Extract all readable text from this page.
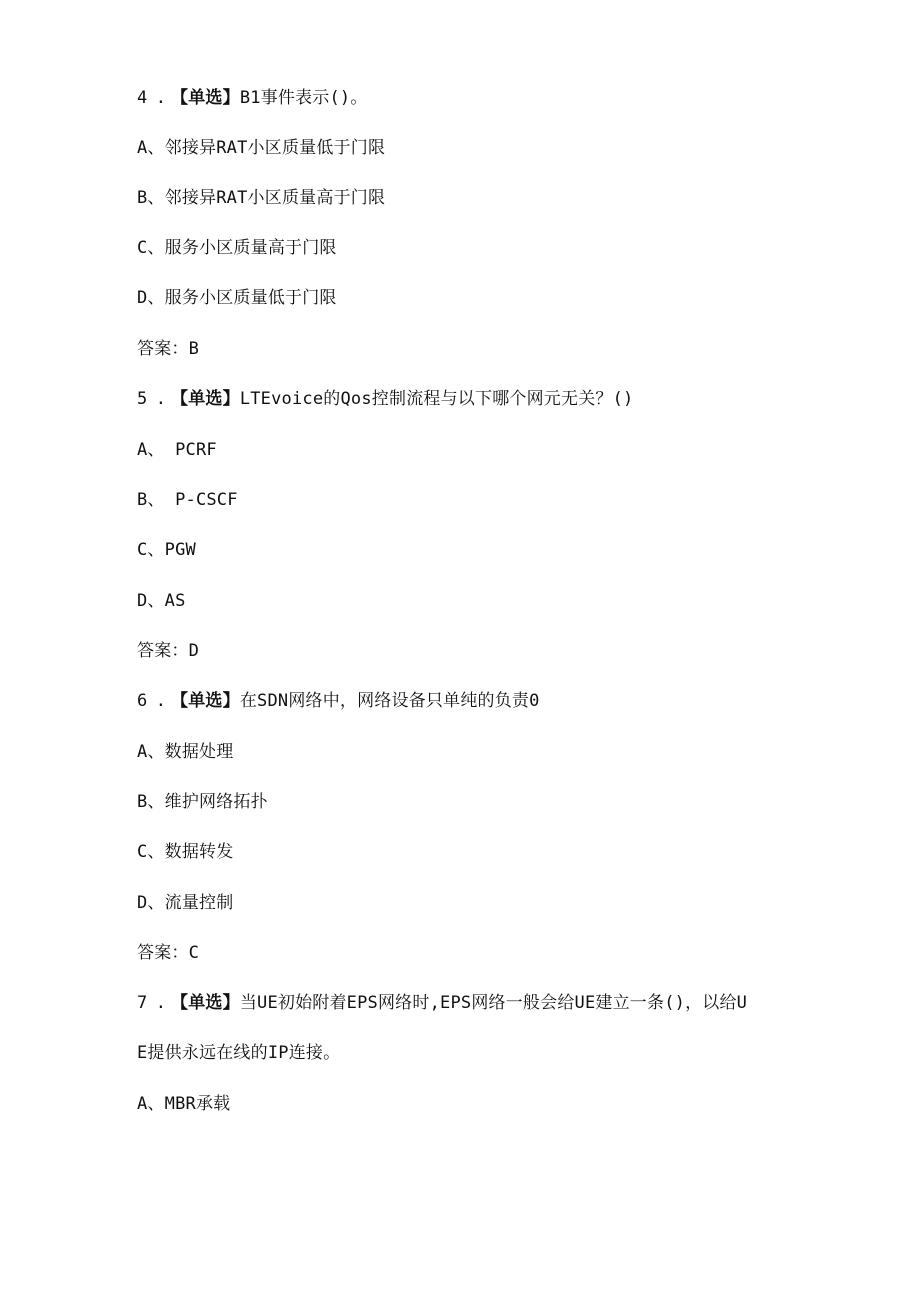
4 . 【单选】B1事件表示()。
A、邻接异RAT小区质量低于门限
B、邻接异RAT小区质量高于门限
C、服务小区质量高于门限
D、服务小区质量低于门限
答案：B
5 . 【单选】LTEvoice的Qos控制流程与以下哪个网元无关？()
A、 PCRF
B、 P-CSCF
C、PGW
D、AS
答案：D
6 . 【单选】在SDN网络中，网络设备只单纯的负责0
A、数据处理
B、维护网络拓扑
C、数据转发
D、流量控制
答案：C
7 . 【单选】当UE初始附着EPS网络时,EPS网络一般会给UE建立一条()，以给U
E提供永远在线的IP连接。
A、MBR承载
